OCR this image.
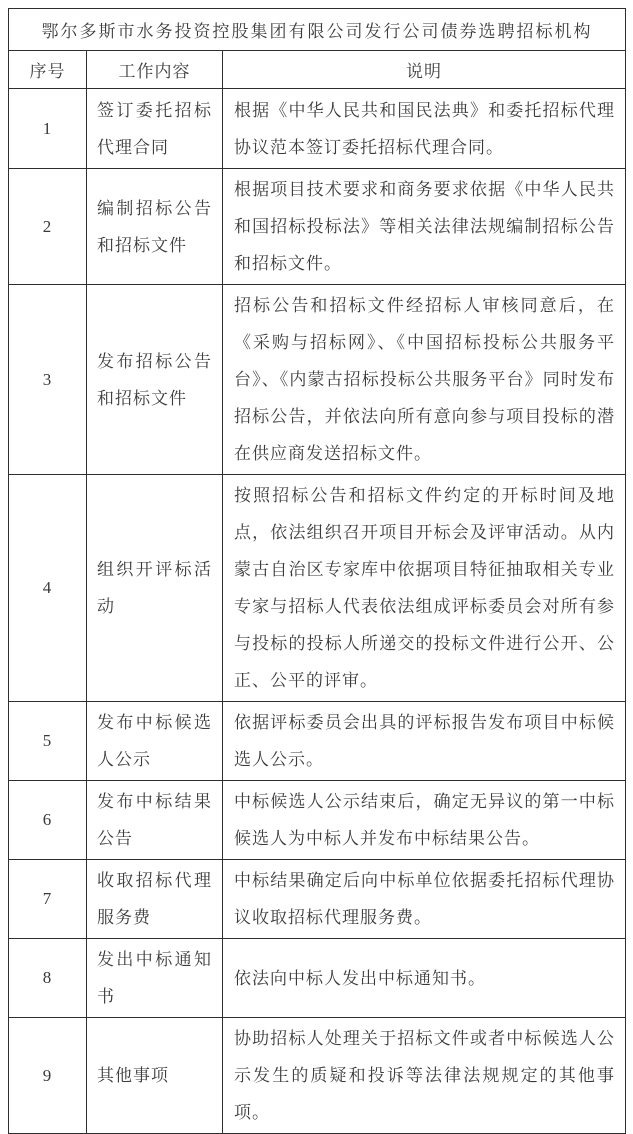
鄂尔多斯市水务投资控股集团有限公司发行公司债券选聘招标机构		
序号	工作内容	说明
1	签订委托招标代理合同	根据《中华人民共和国民法典》和委托招标代理协议范本签订委托招标代理合同。
2	编制招标公告和招标文件	根据项目技术要求和商务要求依据《中华人民共和国招标投标法》等相关法律法规编制招标公告和招标文件。
3	发布招标公告和招标文件	招标公告和招标文件经招标人审核同意后，在《采购与招标网》、《中国招标投标公共服务平台》、《内蒙古招标投标公共服务平台》同时发布招标公告，并依法向所有意向参与项目投标的潜在供应商发送招标文件。
4	组织开评标活动	按照招标公告和招标文件约定的开标时间及地点，依法组织召开项目开标会及评审活动。从内蒙古自治区专家库中依据项目特征抽取相关专业专家与招标人代表依法组成评标委员会对所有参与投标的投标人所递交的投标文件进行公开、公正、公平的评审。
5	发布中标候选人公示	依据评标委员会出具的评标报告发布项目中标候选人公示。
6	发布中标结果公告	中标候选人公示结束后，确定无异议的第一中标候选人为中标人并发布中标结果公告。
7	收取招标代理服务费	中标结果确定后向中标单位依据委托招标代理协议收取招标代理服务费。
8	发出中标通知书	依法向中标人发出中标通知书。
9	其他事项	协助招标人处理关于招标文件或者中标候选人公示发生的质疑和投诉等法律法规规定的其他事项。
